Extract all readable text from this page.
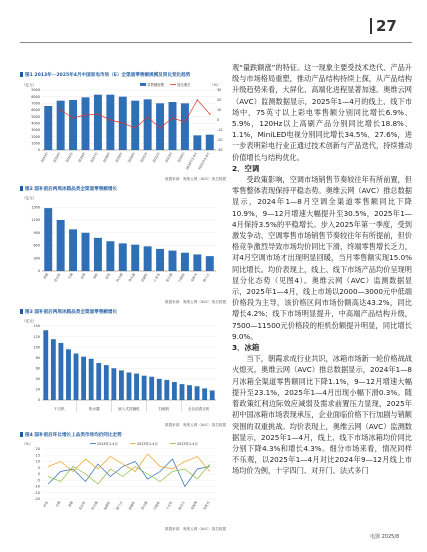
27
图1 2013年－2025年4月中国家电市场（E）全渠道零售额规模及同比变化趋势
（亿元）
9000
8000
7000
6000
5000
4000
3000
2000
1000
0
2013年 2014年 2015年 2016年 2017年 2018年 2019年 2020年 2021年 2022年 2023年 2024年 2024年1-4月 2025年1-4月
（%）
30
20
10
0
-10
-20
-30
零售额规模	同比增长
数据来源：奥维云网（AVC）推总数据
图2 国补前后两周冰箱品类全渠道零售额增长
（亿元）
1500
1200
900
600
300
0
冰箱 洗衣机 空调 电视 冰柜 厨电 热水器 净水器 洗碗机 小家电 吸尘器 扫地机 电吹风 燃气灶
数据来源：奥维云网（AVC）推总数据
图3 国补前后两周冰箱品类全渠道零售额增长
（亿元）
140
120
100
80
60
40
20
0
干衣机	热水器	嵌入式洗碗机	扫地机	全自动洗衣机
数据来源：奥维云网（AVC）推总数据
图4 国补前后环比增长上品类市场均价同比走势
（%）
20
15
10
5
0
-5
-10
-15
-20
彩电 空调 冰箱 洗衣机 热水器 油烟机 燃气灶 洗碗机 净水器 扫地机 干衣机 集成灶 电饭煲 电吹风
2024年1-4月	2025年1-4月	2025年1-4月
数据来源：奥维云网（AVC）推总数据

观“量跌额涨”的特征。这一现象主要受技术迭代、产品升级与市场格局重塑，推动产品结构持续上探，从产品结构升级趋势来看，大屏化、高端化进程显著加速。奥维云网（AVC）监测数据显示，2025年1—4月的线上、线下市场中，75英寸以上彩电零售额分别同比增长6.9%、5.9%，120Hz以上高刷产品分别同比增长18.8%、1.1%，MiniLED电视分别同比增长34.5%、27.6%，进一步表明彩电行业正通过技术创新与产品迭代，持续推动价值增长与结构优化。

2．空调

受政策影响，空调市场销售节奏较往年有所前置，但零售整体表现保持平稳态势。奥维云网（AVC）推总数据显示，2024年1—8月空调全渠道零售额同比下降10.9%，9—12月增速大幅提升至30.5%，2025年1—4月保持3.5%的平稳增长。步入2025年第一季度，受到激发争动、空调零售市场销售节奏较往年有所提前，但价格竞争激烈导致市场均价同比下滑，终端零售增长乏力，对4月空调市场才出现明显回暖，当月零售额实现15.0%同比增长。均价表现上，线上、线下市场产品均价呈现明显分化态势（见图4）。奥维云网（AVC）监测数据显示，2025年1—4月，线上市场以2000—3000元中低端价格段为主导，该价格区间市场份额高达43.2%，同比增长4.2%；线下市场明显提升，中高端产品结构升级，7500—11500元价格段的柜机份额提升明显，同比增长9.0%。

3．冰箱

当下，朝霞求成行业共识，冰箱市场新一轮价格战战火熄灭。奥维云网（AVC）推总数据显示，2024年1—8月冰箱全渠道零售额同比下降1.1%，9—12月增速大幅提升至23.1%，2025年1—4月出现小幅下滑0.3%。随着政策红利边际效应减弱及需求前置压力显现，2025年初中国冰箱市场表现承压，企业面临价格下行加剧与销额突围的双重挑战。均价表现上，奥维云网（AVC）监测数据显示，2025年1—4月，线上、线下市场冰箱均价同比分别下降4.3%和增长4.3%。细分市场来看，情况同样不乐观，以2025年1—4月对比2024年9—12月线上市场均价为例，十字四门、对开门、法式多门

电器 2025/8
